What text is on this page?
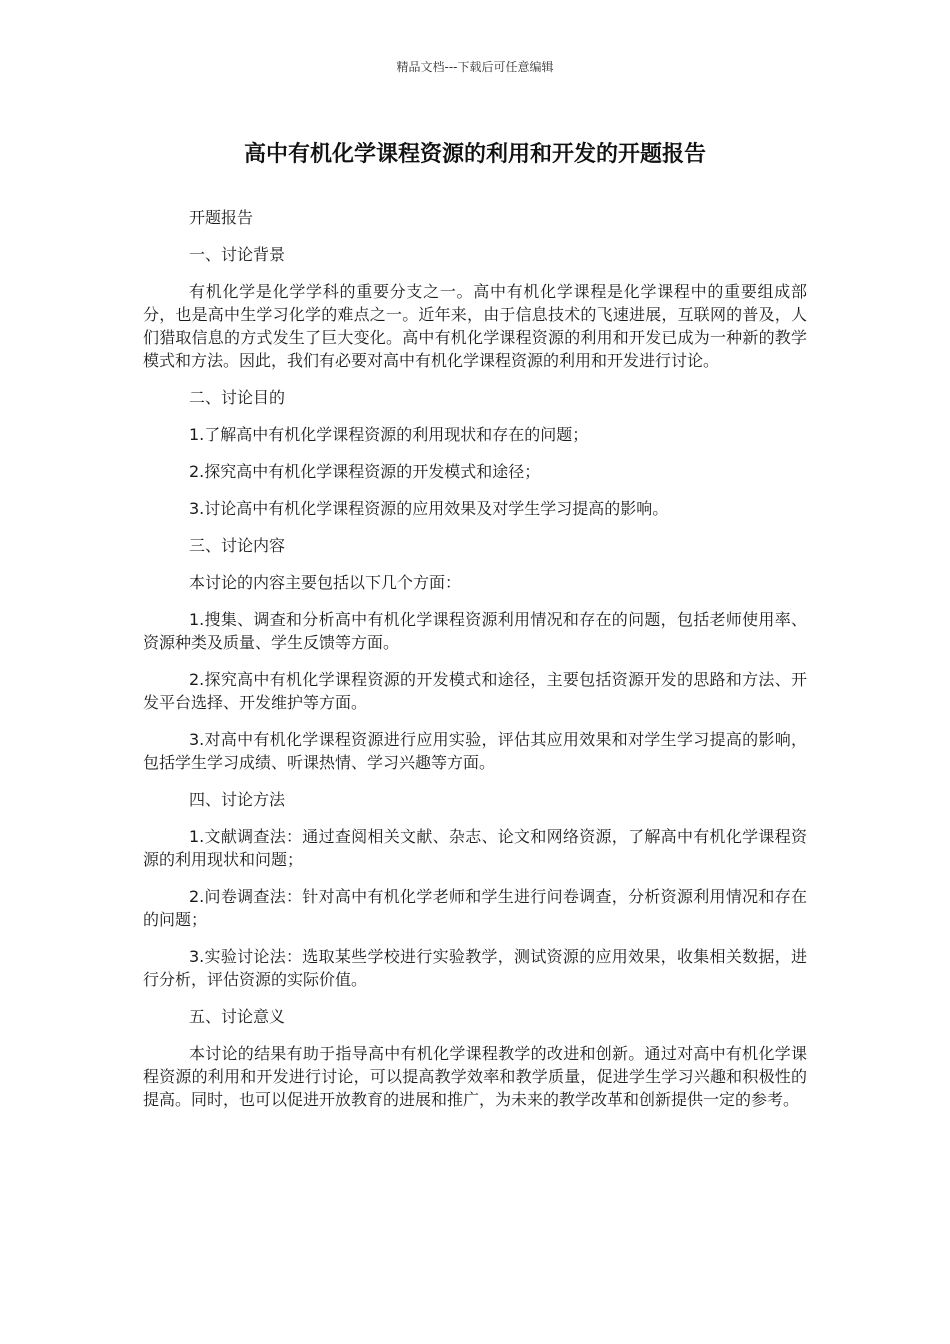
精品文档---下载后可任意编辑
高中有机化学课程资源的利用和开发的开题报告

开题报告

一、讨论背景

有机化学是化学学科的重要分支之一。高中有机化学课程是化学课程中的重要组成部分，也是高中生学习化学的难点之一。近年来，由于信息技术的飞速进展，互联网的普及，人们猎取信息的方式发生了巨大变化。高中有机化学课程资源的利用和开发已成为一种新的教学模式和方法。因此，我们有必要对高中有机化学课程资源的利用和开发进行讨论。

二、讨论目的

1.了解高中有机化学课程资源的利用现状和存在的问题；

2.探究高中有机化学课程资源的开发模式和途径；

3.讨论高中有机化学课程资源的应用效果及对学生学习提高的影响。

三、讨论内容

本讨论的内容主要包括以下几个方面：

1.搜集、调查和分析高中有机化学课程资源利用情况和存在的问题，包括老师使用率、资源种类及质量、学生反馈等方面。

2.探究高中有机化学课程资源的开发模式和途径，主要包括资源开发的思路和方法、开发平台选择、开发维护等方面。

3.对高中有机化学课程资源进行应用实验，评估其应用效果和对学生学习提高的影响，包括学生学习成绩、听课热情、学习兴趣等方面。

四、讨论方法

1.文献调查法：通过查阅相关文献、杂志、论文和网络资源，了解高中有机化学课程资源的利用现状和问题；

2.问卷调查法：针对高中有机化学老师和学生进行问卷调查，分析资源利用情况和存在的问题；

3.实验讨论法：选取某些学校进行实验教学，测试资源的应用效果，收集相关数据，进行分析，评估资源的实际价值。

五、讨论意义

本讨论的结果有助于指导高中有机化学课程教学的改进和创新。通过对高中有机化学课程资源的利用和开发进行讨论，可以提高教学效率和教学质量，促进学生学习兴趣和积极性的提高。同时，也可以促进开放教育的进展和推广，为未来的教学改革和创新提供一定的参考。
